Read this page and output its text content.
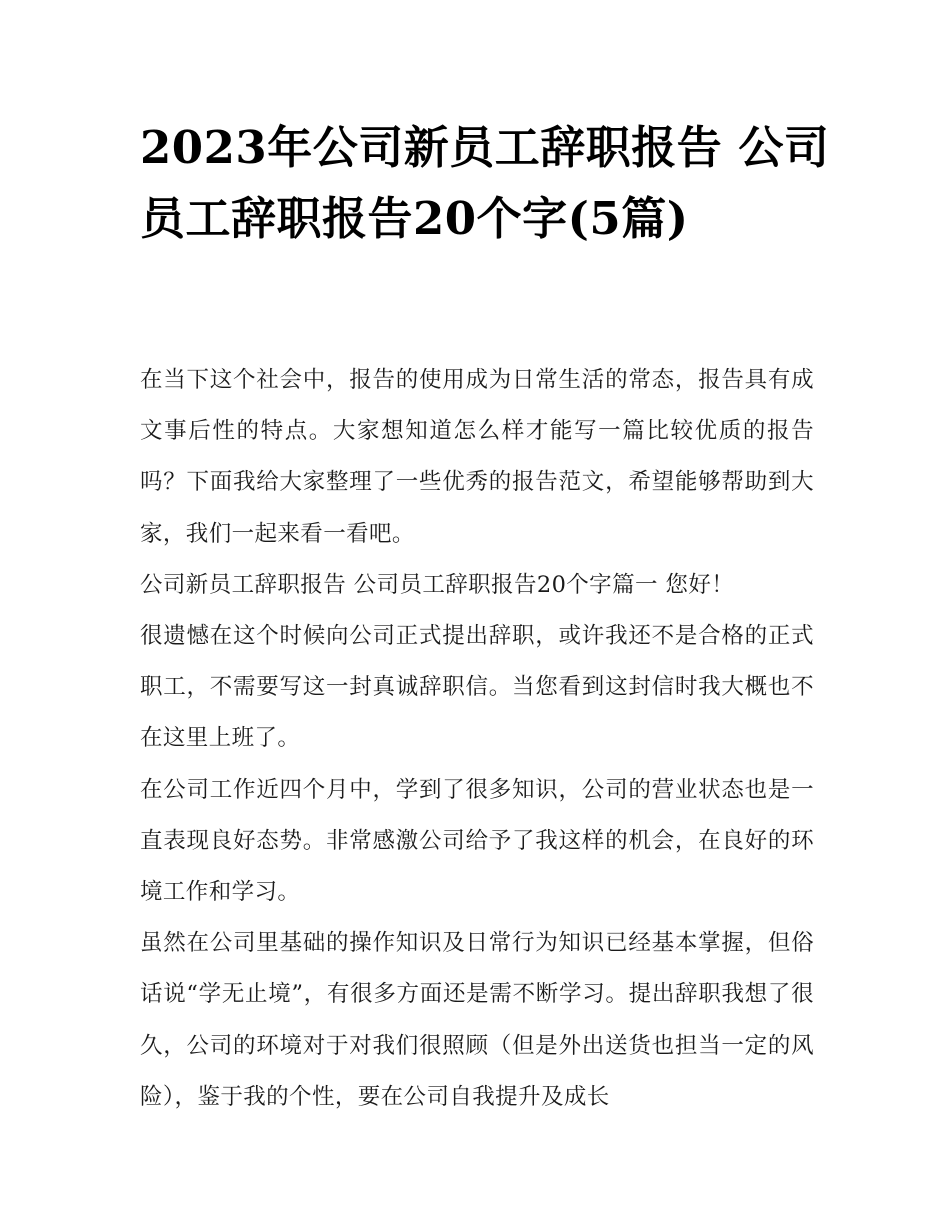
2023年公司新员工辞职报告 公司员工辞职报告20个字(5篇)

在当下这个社会中，报告的使用成为日常生活的常态，报告具有成文事后性的特点。大家想知道怎么样才能写一篇比较优质的报告吗？下面我给大家整理了一些优秀的报告范文，希望能够帮助到大家，我们一起来看一看吧。

公司新员工辞职报告 公司员工辞职报告20个字篇一 您好！

很遗憾在这个时候向公司正式提出辞职，或许我还不是合格的正式职工，不需要写这一封真诚辞职信。当您看到这封信时我大概也不在这里上班了。

在公司工作近四个月中，学到了很多知识，公司的营业状态也是一直表现良好态势。非常感激公司给予了我这样的机会，在良好的环境工作和学习。

虽然在公司里基础的操作知识及日常行为知识已经基本掌握，但俗话说“学无止境”，有很多方面还是需不断学习。提出辞职我想了很久，公司的环境对于对我们很照顾（但是外出送货也担当一定的风险），鉴于我的个性，要在公司自我提升及成长
